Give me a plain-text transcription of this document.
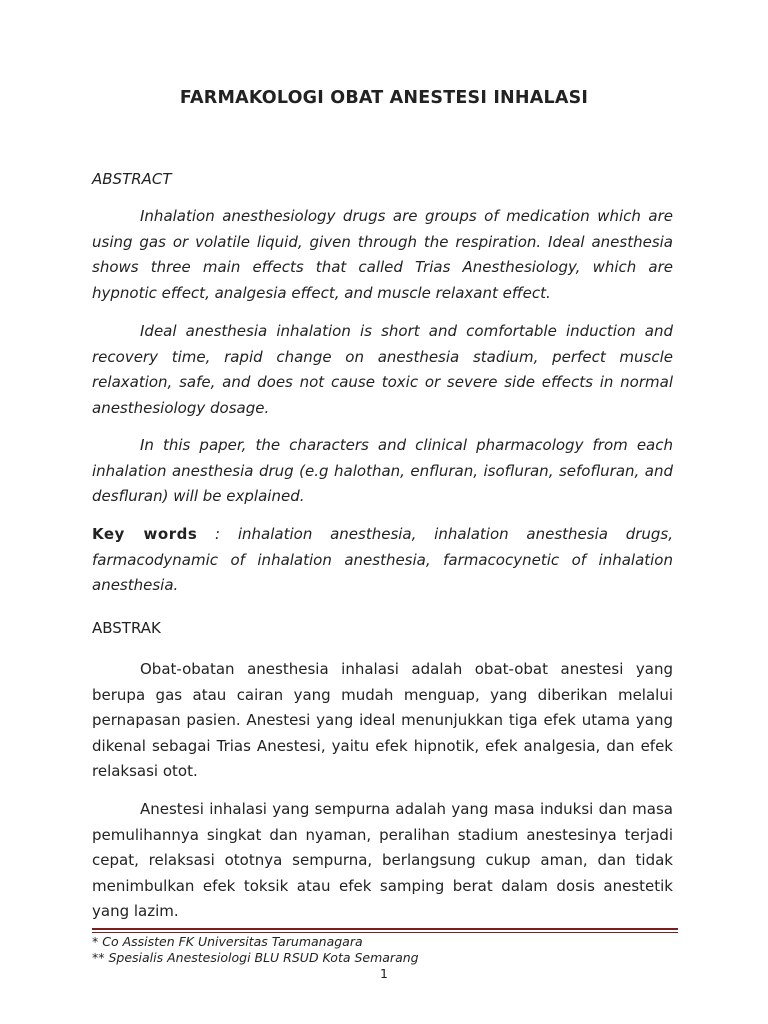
FARMAKOLOGI OBAT ANESTESI INHALASI
ABSTRACT

Inhalation anesthesiology drugs are groups of medication which are using gas or volatile liquid, given through the respiration. Ideal anesthesia shows three main effects that called Trias Anesthesiology, which are hypnotic effect, analgesia effect, and muscle relaxant effect.

Ideal anesthesia inhalation is short and comfortable induction and recovery time, rapid change on anesthesia stadium, perfect muscle relaxation, safe, and does not cause toxic or severe side effects in normal anesthesiology dosage.

In this paper, the characters and clinical pharmacology from each inhalation anesthesia drug (e.g halothan, enfluran, isofluran, sefofluran, and desfluran) will be explained.

Key words : inhalation anesthesia, inhalation anesthesia drugs, farmacodynamic of inhalation anesthesia, farmacocynetic of inhalation anesthesia.

ABSTRAK

Obat-obatan anesthesia inhalasi adalah obat-obat anestesi yang berupa gas atau cairan yang mudah menguap, yang diberikan melalui pernapasan pasien. Anestesi yang ideal menunjukkan tiga efek utama yang dikenal sebagai Trias Anestesi, yaitu efek hipnotik, efek analgesia, dan efek relaksasi otot.

Anestesi inhalasi yang sempurna adalah yang masa induksi dan masa pemulihannya singkat dan nyaman, peralihan stadium anestesinya terjadi cepat, relaksasi ototnya sempurna, berlangsung cukup aman, dan tidak menimbulkan efek toksik atau efek samping berat dalam dosis anestetik yang lazim.

* Co Assisten FK Universitas Tarumanagara
** Spesialis Anestesiologi BLU RSUD Kota Semarang
1
